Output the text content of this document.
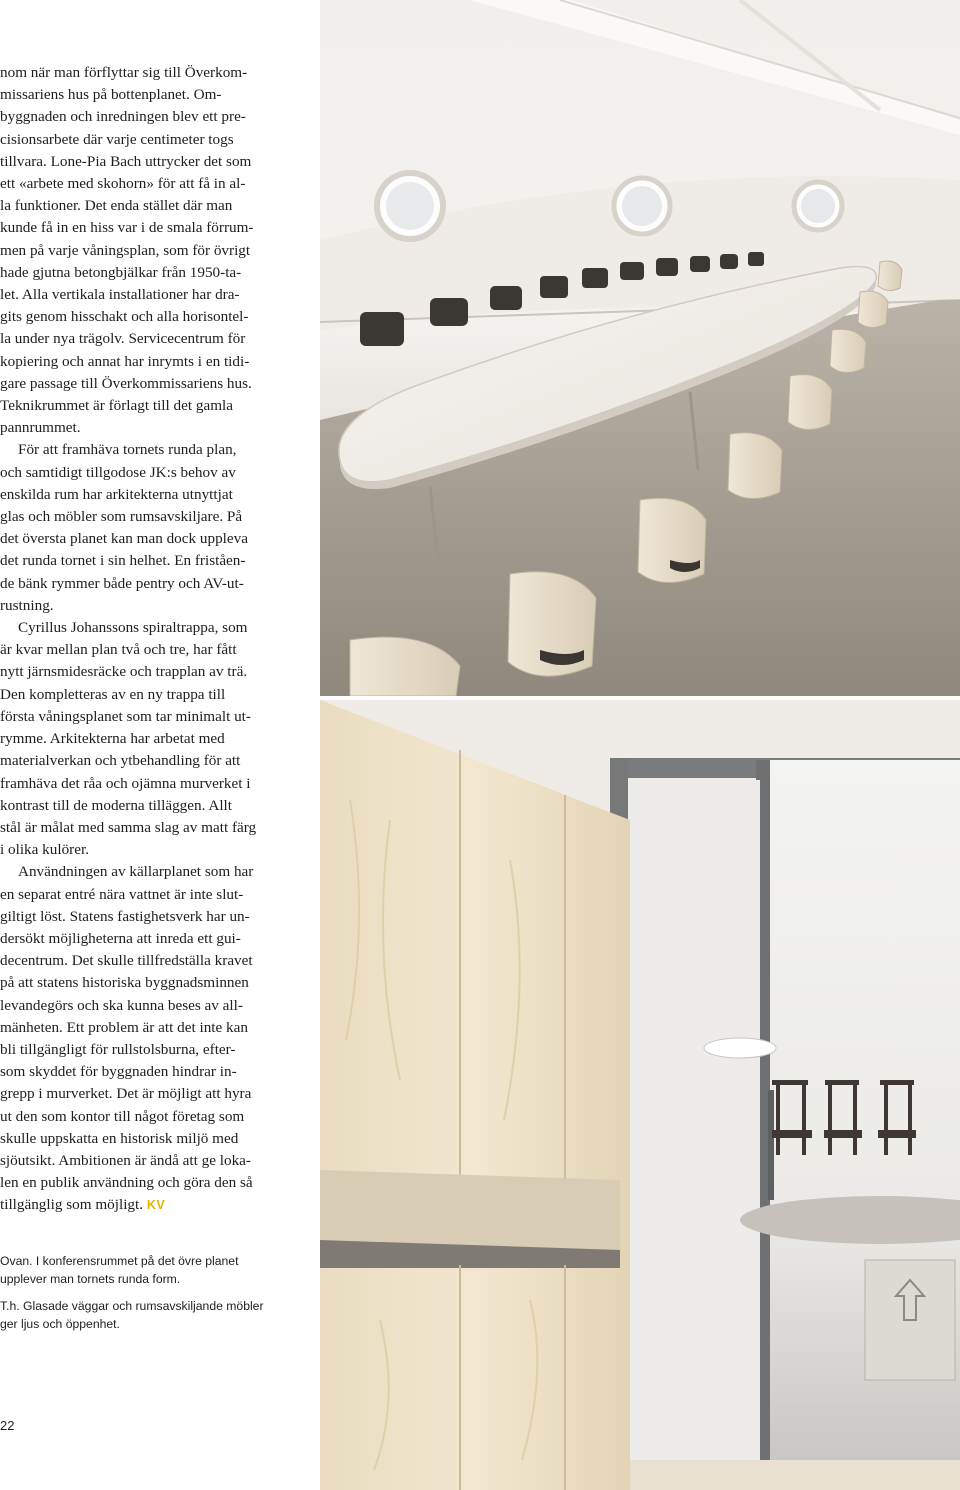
nom när man förflyttar sig till Överkom-
missariens hus på bottenplanet. Om-
byggnaden och inredningen blev ett pre-
cisionsarbete där varje centimeter togs
tillvara. Lone-Pia Bach uttrycker det som
ett «arbete med skohorn» för att få in al-
la funktioner. Det enda stället där man
kunde få in en hiss var i de smala förrum-
men på varje våningsplan, som för övrigt
hade gjutna betongbjälkar från 1950-ta-
let. Alla vertikala installationer har dra-
gits genom hisschakt och alla horisontel-
la under nya trägolv. Servicecentrum för
kopiering och annat har inrymts i en tidi-
gare passage till Överkommissariens hus.
Teknikrummet är förlagt till det gamla
pannrummet.

För att framhäva tornets runda plan,
och samtidigt tillgodose JK:s behov av
enskilda rum har arkitekterna utnyttjat
glas och möbler som rumsavskiljare. På
det översta planet kan man dock uppleva
det runda tornet i sin helhet. En friståen-
de bänk rymmer både pentry och AV-ut-
rustning.

Cyrillus Johanssons spiraltrappa, som
är kvar mellan plan två och tre, har fått
nytt järnsmidesräcke och trapplan av trä.
Den kompletteras av en ny trappa till
första våningsplanet som tar minimalt ut-
rymme. Arkitekterna har arbetat med
materialverkan och ytbehandling för att
framhäva det råa och ojämna murverket i
kontrast till de moderna tilläggen. Allt
stål är målat med samma slag av matt färg
i olika kulörer.

Användningen av källarplanet som har
en separat entré nära vattnet är inte slut-
giltigt löst. Statens fastighetsverk har un-
dersökt möjligheterna att inreda ett gui-
decentrum. Det skulle tillfredställa kravet
på att statens historiska byggnadsminnen
levandegörs och ska kunna beses av all-
mänheten. Ett problem är att det inte kan
bli tillgängligt för rullstolsburna, efter-
som skyddet för byggnaden hindrar in-
grepp i murverket. Det är möjligt att hyra
ut den som kontor till något företag som
skulle uppskatta en historisk miljö med
sjöutsikt. Ambitionen är ändå att ge loka-
len en publik användning och göra den så
tillgänglig som möjligt. KV

Ovan. I konferensrummet på det övre planet upplever man tornets runda form.

T.h. Glasade väggar och rumsavskiljande möbler ger ljus och öppenhet.

22
